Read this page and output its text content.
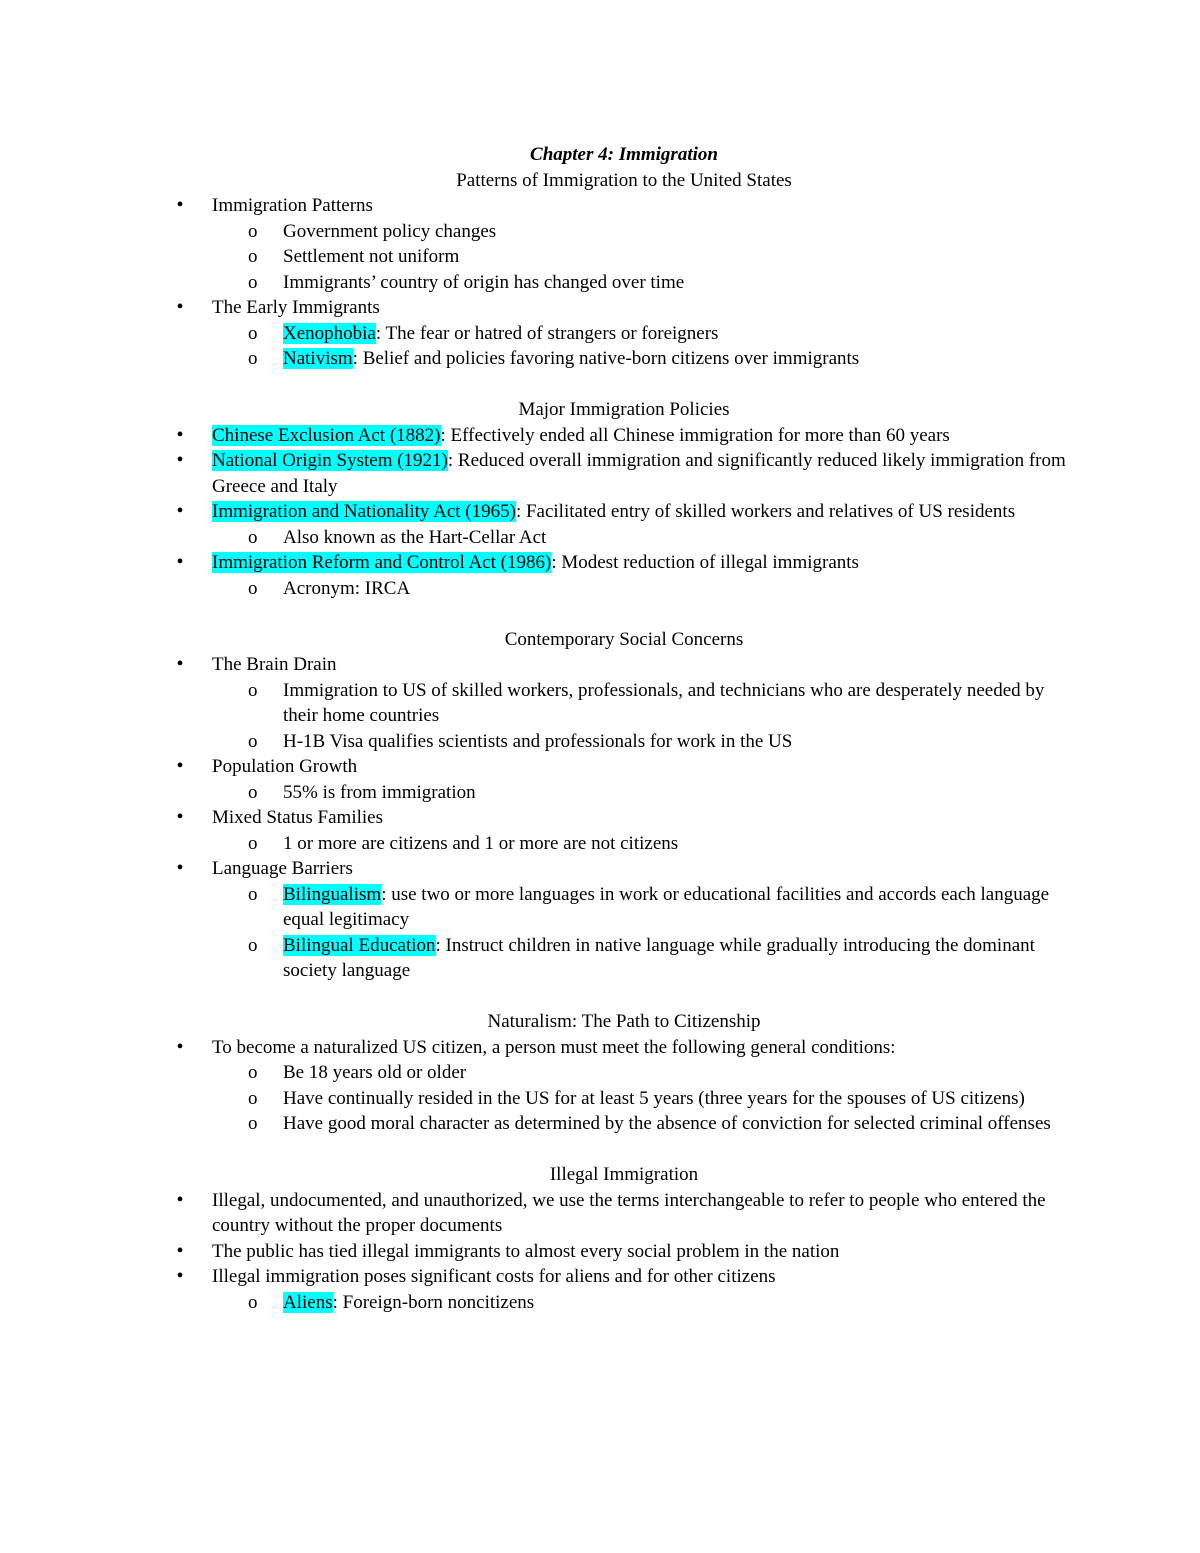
Chapter 4: Immigration
Patterns of Immigration to the United States
• Immigration Patterns
o	Government policy changes
o	Settlement not uniform
o	Immigrants’ country of origin has changed over time
• The Early Immigrants
o	Xenophobia: The fear or hatred of strangers or foreigners
o	Nativism: Belief and policies favoring native-born citizens over immigrants
Major Immigration Policies
• Chinese Exclusion Act (1882): Effectively ended all Chinese immigration for more than 60 years
• National Origin System (1921): Reduced overall immigration and significantly reduced likely immigration from Greece and Italy
• Immigration and Nationality Act (1965): Facilitated entry of skilled workers and relatives of US residents
o	Also known as the Hart-Cellar Act
• Immigration Reform and Control Act (1986): Modest reduction of illegal immigrants
o	Acronym: IRCA
Contemporary Social Concerns
• The Brain Drain
o	Immigration to US of skilled workers, professionals, and technicians who are desperately needed by their home countries
o	H-1B Visa qualifies scientists and professionals for work in the US
• Population Growth
o	55% is from immigration
• Mixed Status Families
o	1 or more are citizens and 1 or more are not citizens
• Language Barriers
o	Bilingualism: use two or more languages in work or educational facilities and accords each language equal legitimacy
o	Bilingual Education: Instruct children in native language while gradually introducing the dominant society language
Naturalism: The Path to Citizenship
• To become a naturalized US citizen, a person must meet the following general conditions:
o	Be 18 years old or older
o	Have continually resided in the US for at least 5 years (three years for the spouses of US citizens)
o	Have good moral character as determined by the absence of conviction for selected criminal offenses
Illegal Immigration
• Illegal, undocumented, and unauthorized, we use the terms interchangeable to refer to people who entered the country without the proper documents
• The public has tied illegal immigrants to almost every social problem in the nation
• Illegal immigration poses significant costs for aliens and for other citizens
o	Aliens: Foreign-born noncitizens
